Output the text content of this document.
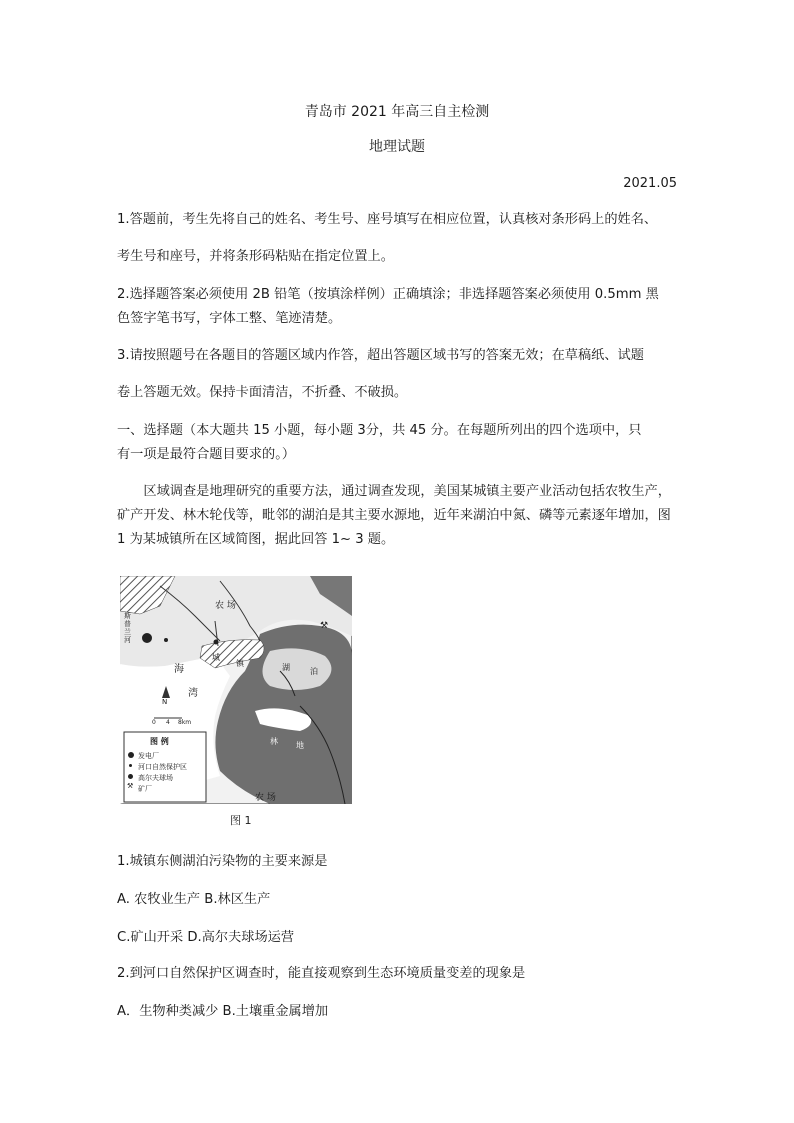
青岛市 2021 年高三自主检测
地理试题
2021.05
1.答题前，考生先将自己的姓名、考生号、座号填写在相应位置，认真核对条形码上的姓名、
考生号和座号，并将条形码粘贴在指定位置上。
2.选择题答案必须使用 2B 铅笔（按填涂样例）正确填涂；非选择题答案必须使用 0.5mm 黑
色签字笔书写，字体工整、笔迹清楚。
3.请按照题号在各题目的答题区域内作答，超出答题区域书写的答案无效；在草稿纸、试题
卷上答题无效。保持卡面清洁，不折叠、不破损。
一、选择题（本大题共 15 小题，每小题 3分，共 45 分。在每题所列出的四个选项中，只
有一项是最符合题目要求的。）
区域调查是地理研究的重要方法，通过调查发现，美国某城镇主要产业活动包括农牧生产，矿产开发、林木轮伐等，毗邻的湖泊是其主要水源地，近年来湖泊中氮、磷等元素逐年增加，图 1 为某城镇所在区域简图，据此回答 1~ 3 题。
⚒
农 场
农 场
斯普兰河
海
湾
城
镇	湖	泊
林 地
N
0 4 8km
图 例
发电厂
河口自然保护区
高尔夫球场
矿厂
⚒
图 1
1.城镇东侧湖泊污染物的主要来源是
A. 农牧业生产 B.林区生产
C.矿山开采 D.高尔夫球场运营
2.到河口自然保护区调查时，能直接观察到生态环境质量变差的现象是
A．生物种类减少 B.土壤重金属增加
